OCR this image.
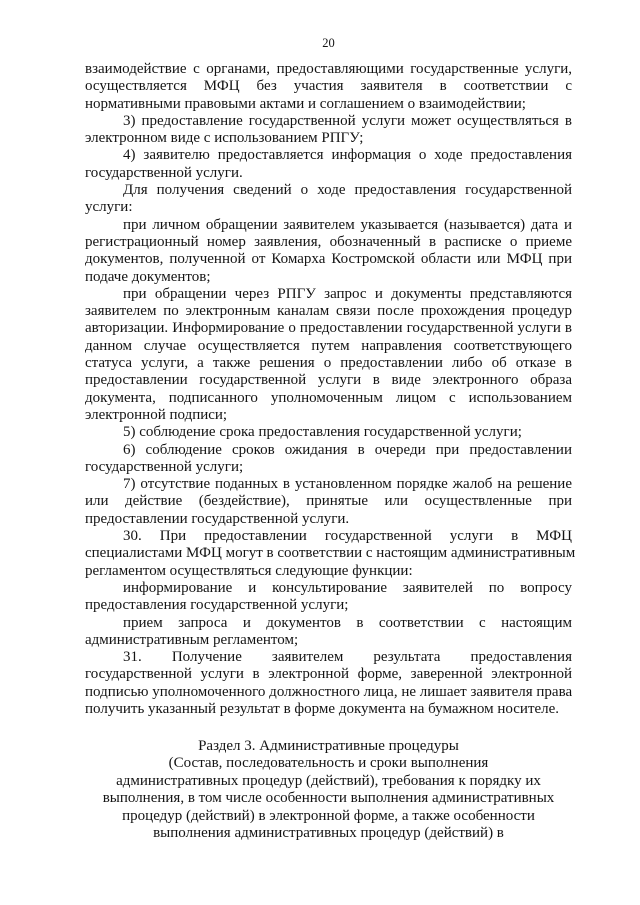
20
взаимодействие с органами, предоставляющими государственные услуги,
осуществляется МФЦ без участия заявителя в соответствии с
нормативными правовыми актами и соглашением о взаимодействии;
3) предоставление государственной услуги может осуществляться в
электронном виде с использованием РПГУ;
4) заявителю предоставляется информация о ходе предоставления
государственной услуги.
Для получения сведений о ходе предоставления государственной
услуги:
при личном обращении заявителем указывается (называется) дата и
регистрационный номер заявления, обозначенный в расписке о приеме
документов, полученной от Комарха Костромской области или МФЦ при
подаче документов;
при обращении через РПГУ запрос и документы представляются
заявителем по электронным каналам связи после прохождения процедур
авторизации. Информирование о предоставлении государственной услуги в
данном случае осуществляется путем направления соответствующего
статуса услуги, а также решения о предоставлении либо об отказе в
предоставлении государственной услуги в виде электронного образа
документа, подписанного уполномоченным лицом с использованием
электронной подписи;
5) соблюдение срока предоставления государственной услуги;
6) соблюдение сроков ожидания в очереди при предоставлении
государственной услуги;
7) отсутствие поданных в установленном порядке жалоб на решение
или действие (бездействие), принятые или осуществленные при
предоставлении государственной услуги.
30. При предоставлении государственной услуги в МФЦ
специалистами МФЦ могут в соответствии с настоящим административным
регламентом осуществляться следующие функции:
информирование и консультирование заявителей по вопросу
предоставления государственной услуги;
прием запроса и документов в соответствии с настоящим
административным регламентом;
31. Получение заявителем результата предоставления
государственной услуги в электронной форме, заверенной электронной
подписью уполномоченного должностного лица, не лишает заявителя права
получить указанный результат в форме документа на бумажном носителе.
Раздел 3. Административные процедуры
(Состав, последовательность и сроки выполнения
административных процедур (действий), требования к порядку их
выполнения, в том числе особенности выполнения административных
процедур (действий) в электронной форме, а также особенности
выполнения административных процедур (действий) в
